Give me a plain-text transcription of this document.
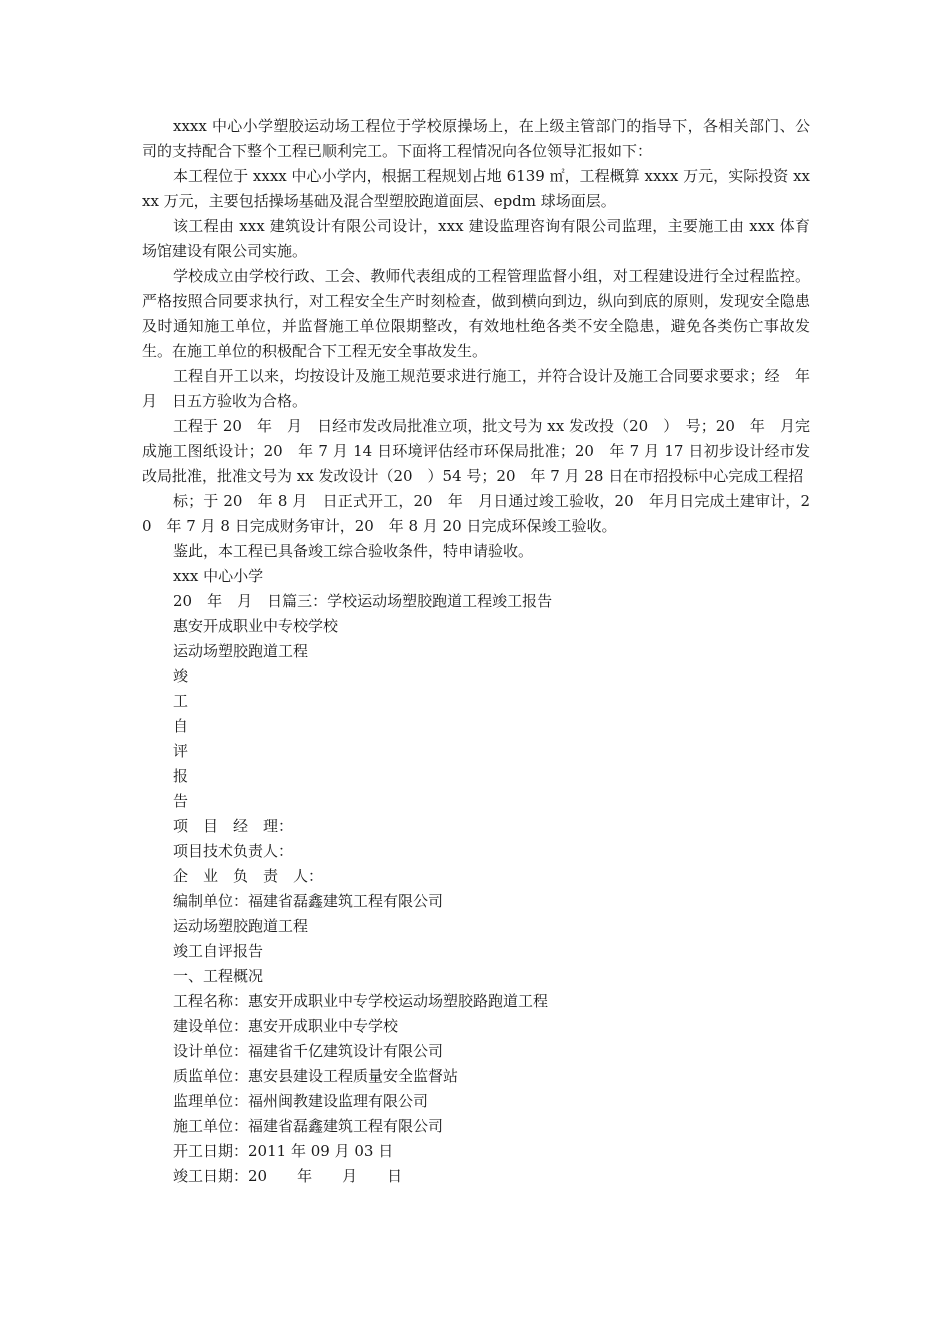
xxxx 中心小学塑胶运动场工程位于学校原操场上，在上级主管部门的指导下，各相关部门、公司的支持配合下整个工程已顺利完工。下面将工程情况向各位领导汇报如下：

本工程位于 xxxx 中心小学内，根据工程规划占地 6139 ㎡，工程概算 xxxx 万元，实际投资 xxxx 万元，主要包括操场基础及混合型塑胶跑道面层、epdm 球场面层。

该工程由 xxx 建筑设计有限公司设计，xxx 建设监理咨询有限公司监理，主要施工由 xxx 体育场馆建设有限公司实施。

学校成立由学校行政、工会、教师代表组成的工程管理监督小组，对工程建设进行全过程监控。严格按照合同要求执行，对工程安全生产时刻检查，做到横向到边，纵向到底的原则，发现安全隐患及时通知施工单位，并监督施工单位限期整改，有效地杜绝各类不安全隐患，避免各类伤亡事故发生。在施工单位的积极配合下工程无安全事故发生。

工程自开工以来，均按设计及施工规范要求进行施工，并符合设计及施工合同要求要求；经　年　月　日五方验收为合格。

工程于 20　年　月　日经市发改局批准立项，批文号为 xx 发改投（20　）　号；20　年　月完成施工图纸设计；20　年 7 月 14 日环境评估经市环保局批准；20　年 7 月 17 日初步设计经市发改局批准，批准文号为 xx 发改设计（20　）54 号；20　年 7 月 28 日在市招投标中心完成工程招

标；于 20　年 8 月　日正式开工，20　年　月日通过竣工验收，20　年月日完成土建审计，20　年 7 月 8 日完成财务审计，20　年 8 月 20 日完成环保竣工验收。

鉴此，本工程已具备竣工综合验收条件，特申请验收。

xxx 中心小学

20　年　月　日篇三：学校运动场塑胶跑道工程竣工报告

惠安开成职业中专校学校

运动场塑胶跑道工程

竣

工

自

评

报

告

项　目　经　理：

项目技术负责人：

企　业　负　责　人：

编制单位：福建省磊鑫建筑工程有限公司

运动场塑胶跑道工程

竣工自评报告

一、工程概况

工程名称：惠安开成职业中专学校运动场塑胶路跑道工程

建设单位：惠安开成职业中专学校

设计单位：福建省千亿建筑设计有限公司

质监单位：惠安县建设工程质量安全监督站

监理单位：福州闽教建设监理有限公司

施工单位：福建省磊鑫建筑工程有限公司

开工日期：2011 年 09 月 03 日

竣工日期：20　　年　　月　　日
